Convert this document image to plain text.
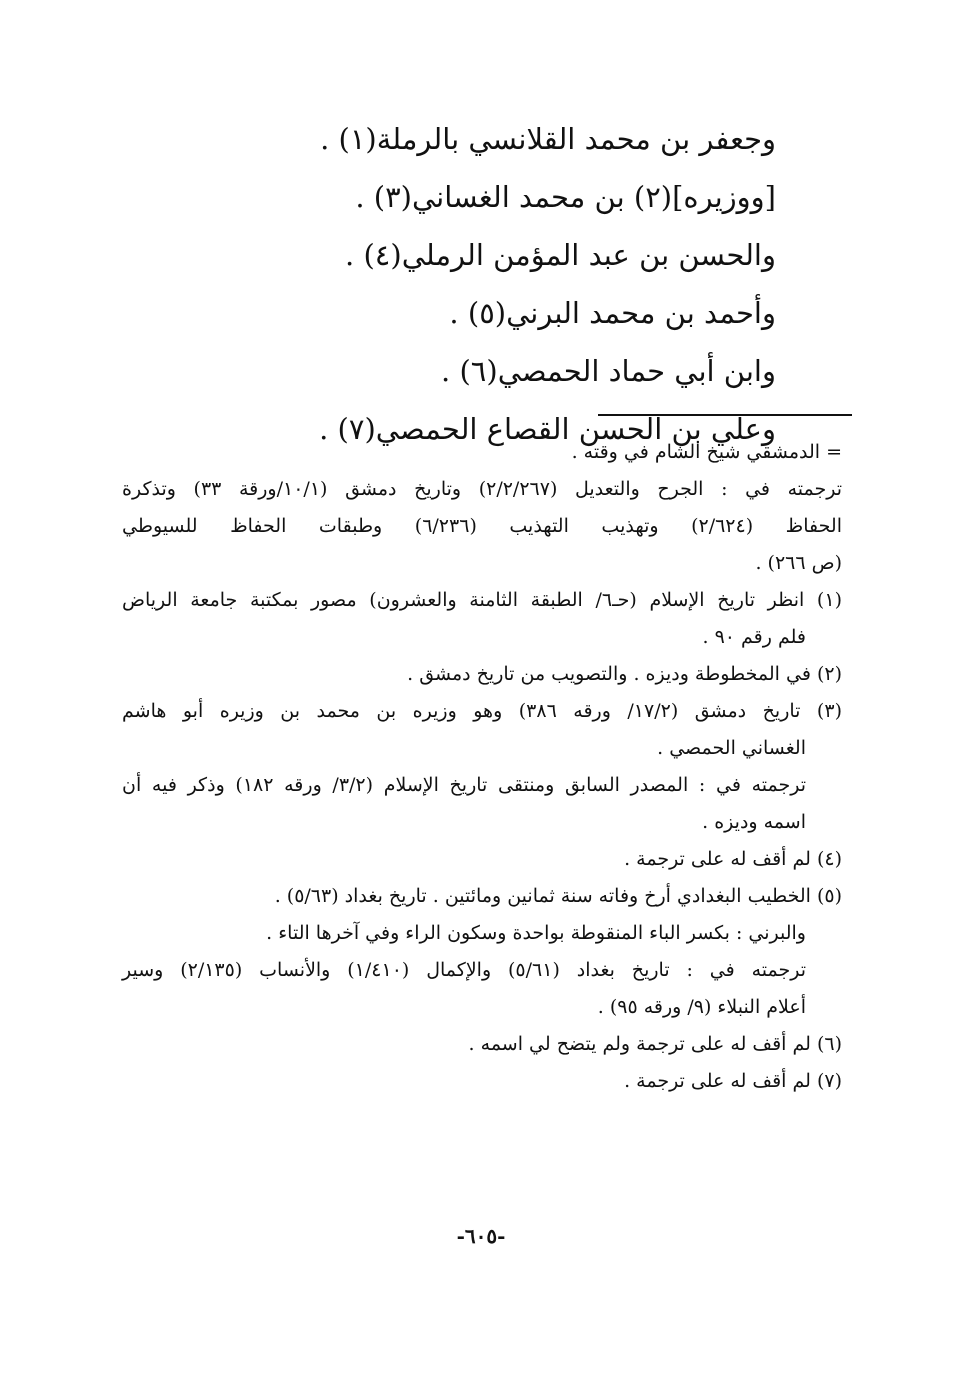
وجعفر بن محمد القلانسي بالرملة(١) .
[ووزيره](٢) بن محمد الغساني(٣) .
والحسن بن عبد المؤمن الرملي(٤) .
وأحمد بن محمد البرني(٥) .
وابن أبي حماد الحمصي(٦) .
وعلي بن الحسن القصاع الحمصي(٧) .
= الدمشقي شيخ الشام في وقته .
ترجمته في : الجرح والتعديل (٢/٢/٢٦٧) وتاريخ دمشق (١٠/١/ورقة ٣٣) وتذكرة
الحفاظ (٢/٦٢٤) وتهذيب التهذيب (٦/٢٣٦) وطبقات الحفاظ للسيوطي
(ص ٢٦٦) .
(١) انظر تاريخ الإسلام (حـ٦/ الطبقة الثامنة والعشرون) مصور بمكتبة جامعة الرياض
فلم رقم ٩٠ .
(٢) في المخطوطة وديزه . والتصويب من تاريخ دمشق .
(٣) تاريخ دمشق (١٧/٢/ ورقه ٣٨٦) وهو وزيره بن محمد بن وزيره أبو هاشم
الغساني الحمصي .
ترجمته في : المصدر السابق ومنتقى تاريخ الإسلام (٣/٢/ ورقه ١٨٢) وذكر فيه أن
اسمه وديزه .
(٤) لم أقف له على ترجمة .
(٥) الخطيب البغدادي أرخ وفاته سنة ثمانين ومائتين . تاريخ بغداد (٥/٦٣) .
والبرني : بكسر الباء المنقوطة بواحدة وسكون الراء وفي آخرها التاء .
ترجمته في : تاريخ بغداد (٥/٦١) والإكمال (١/٤١٠) والأنساب (٢/١٣٥) وسير
أعلام النبلاء (٩/ ورقه ٩٥) .
(٦) لم أقف له على ترجمة ولم يتضح لي اسمه .
(٧) لم أقف له على ترجمة .
-٦٠٥-
